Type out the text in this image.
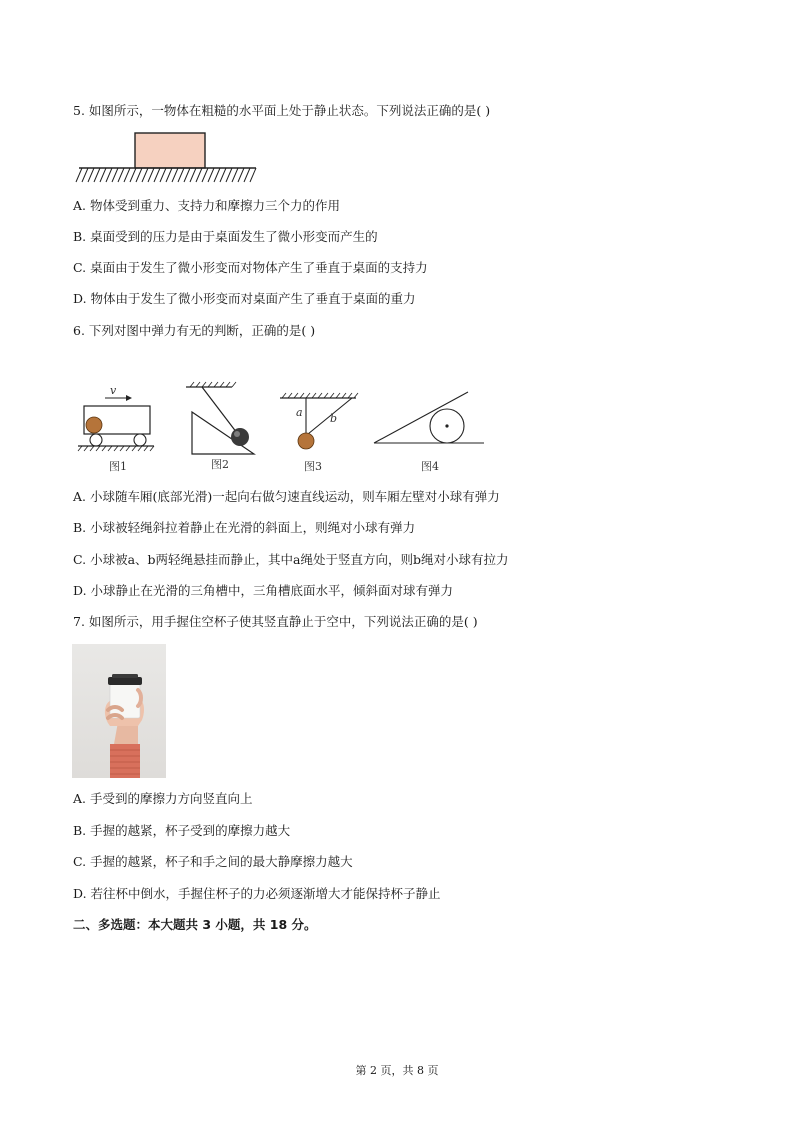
5. 如图所示，一物体在粗糙的水平面上处于静止状态。下列说法正确的是( )
A. 物体受到重力、支持力和摩擦力三个力的作用
B. 桌面受到的压力是由于桌面发生了微小形变而产生的
C. 桌面由于发生了微小形变而对物体产生了垂直于桌面的支持力
D. 物体由于发生了微小形变而对桌面产生了垂直于桌面的重力
6. 下列对图中弹力有无的判断，正确的是( )
v
图1	图2
a b
图3	图4
A. 小球随车厢(底部光滑)一起向右做匀速直线运动，则车厢左壁对小球有弹力
B. 小球被轻绳斜拉着静止在光滑的斜面上，则绳对小球有弹力
C. 小球被a、b两轻绳悬挂而静止，其中a绳处于竖直方向，则b绳对小球有拉力
D. 小球静止在光滑的三角槽中，三角槽底面水平，倾斜面对球有弹力
7. 如图所示，用手握住空杯子使其竖直静止于空中，下列说法正确的是( )
A. 手受到的摩擦力方向竖直向上
B. 手握的越紧，杯子受到的摩擦力越大
C. 手握的越紧，杯子和手之间的最大静摩擦力越大
D. 若往杯中倒水，手握住杯子的力必须逐渐增大才能保持杯子静止
二、多选题：本大题共 3 小题，共 18 分。
第 2 页，共 8 页
